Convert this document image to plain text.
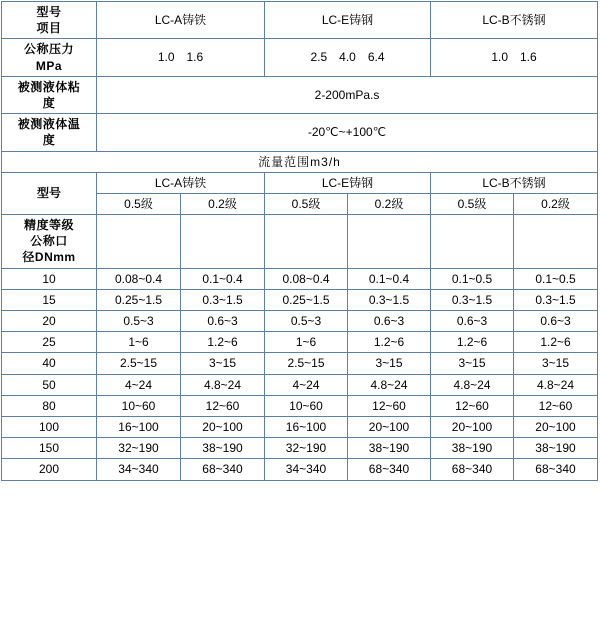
型号
项目	LC-A铸铁		LC-E铸钢		LC-B不锈钢	

公称压力
MPa	1.0 1.6		2.5 4.0 6.4		1.0 1.6	

被测液体粘
度	2-200mPa.s					

被测液体温
度	-20℃~+100℃					
流量范围m3/h						

型号	LC-A铸铁		LC-E铸钢		LC-B不锈钢	
	0.5级	0.2级	0.5级	0.2级	0.5级	0.2级

精度等级
公称口
径DNmm						

10	0.08~0.4	0.1~0.4	0.08~0.4	0.1~0.4	0.1~0.5	0.1~0.5
15	0.25~1.5	0.3~1.5	0.25~1.5	0.3~1.5	0.3~1.5	0.3~1.5
20	0.5~3	0.6~3	0.5~3	0.6~3	0.6~3	0.6~3
25	1~6	1.2~6	1~6	1.2~6	1.2~6	1.2~6
40	2.5~15	3~15	2.5~15	3~15	3~15	3~15
50	4~24	4.8~24	4~24	4.8~24	4.8~24	4.8~24
80	10~60	12~60	10~60	12~60	12~60	12~60
100	16~100	20~100	16~100	20~100	20~100	20~100
150	32~190	38~190	32~190	38~190	38~190	38~190
200	34~340	68~340	34~340	68~340	68~340	68~340
